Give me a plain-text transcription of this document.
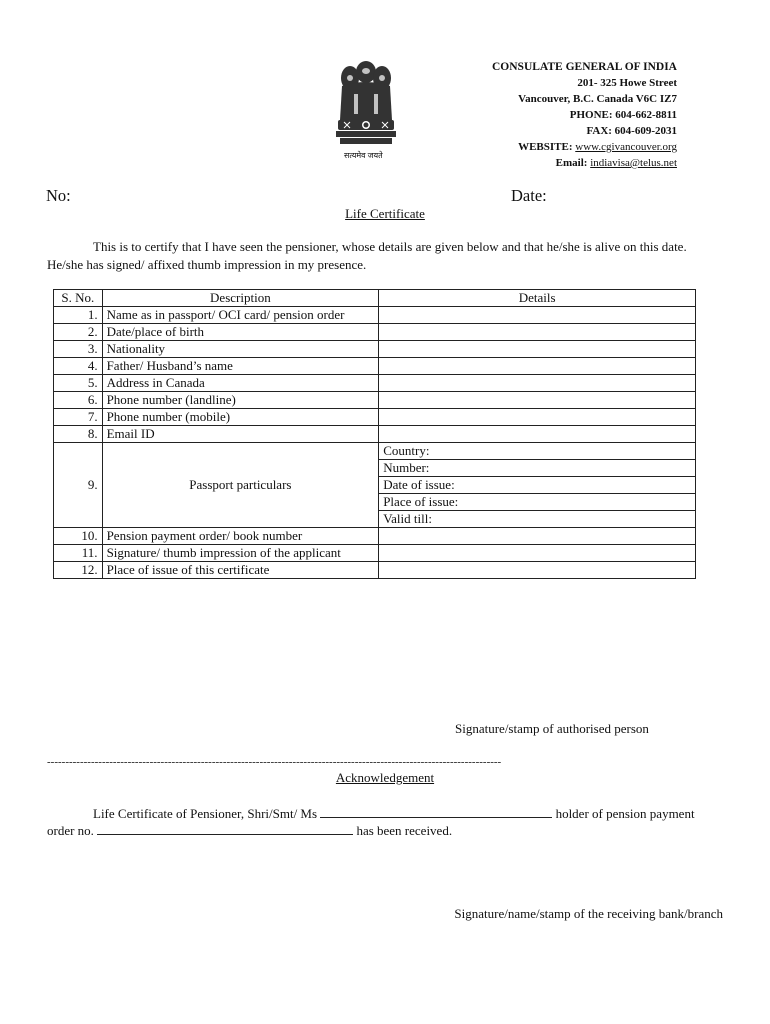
सत्यमेव जयते
CONSULATE GENERAL OF INDIA
201- 325 Howe Street
Vancouver, B.C. Canada V6C IZ7
PHONE: 604-662-8811
FAX: 604-609-2031
WEBSITE: www.cgivancouver.org
Email: indiavisa@telus.net
No:	Date:
Life Certificate
This is to certify that I have seen the pensioner, whose details are given below and that he/she is alive on this date. He/she has signed/ affixed thumb impression in my presence.
S. No.	Description	Details
1.	Name as in passport/ OCI card/ pension order	
2.	Date/place of birth	
3.	Nationality	
4.	Father/ Husband’s name	
5.	Address in Canada	
6.	Phone number (landline)	
7.	Phone number (mobile)	
8.	Email ID	
9.	Passport particulars	Country:
		Number:
		Date of issue:
		Place of issue:
		Valid till:
10.	Pension payment order/ book number	
11.	Signature/ thumb impression of the applicant	
12.	Place of issue of this certificate	
Signature/stamp of authorised person
----------------------------------------------------------------------------------------------------------------------------
Acknowledgement
Life Certificate of Pensioner, Shri/Smt/ Ms	holder of pension payment order no.	has been received.
Signature/name/stamp of the receiving bank/branch
